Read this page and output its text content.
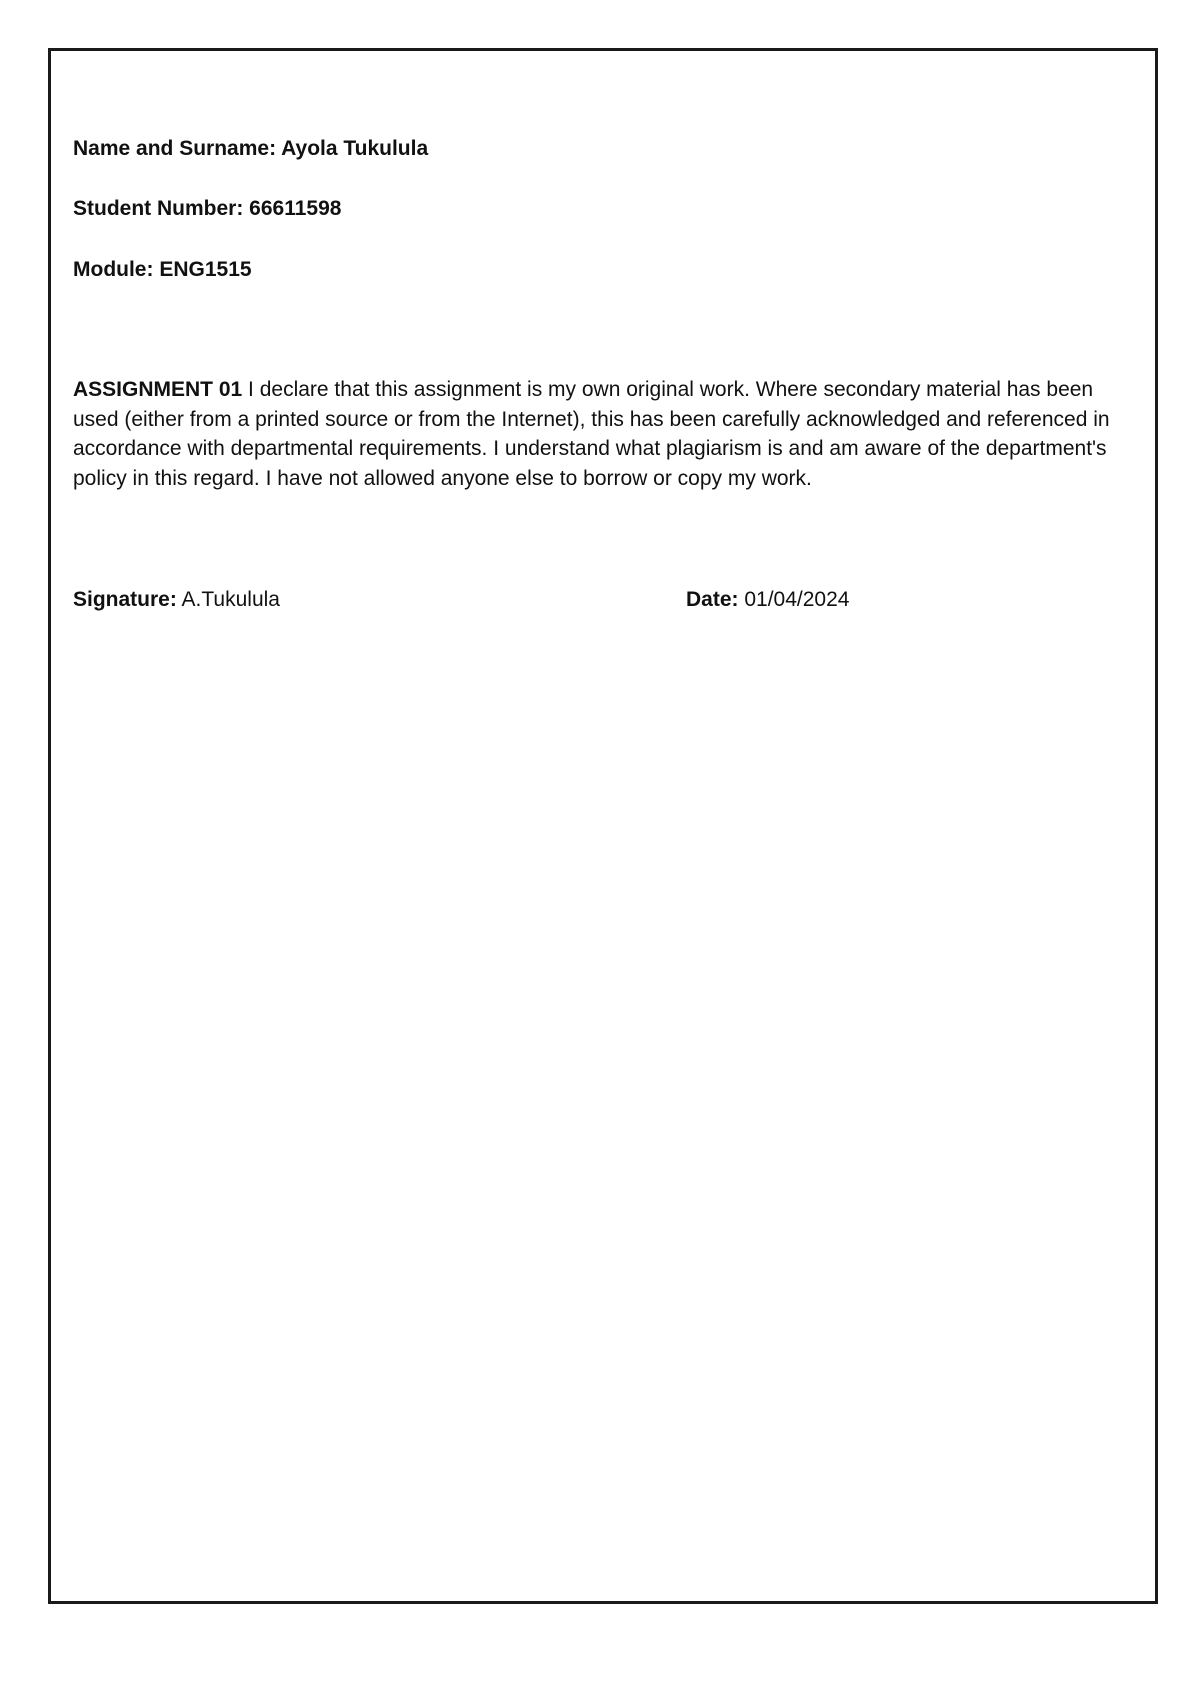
Name and Surname: Ayola Tukulula
Student Number: 66611598
Module: ENG1515
ASSIGNMENT 01 I declare that this assignment is my own original work. Where secondary material has been used (either from a printed source or from the Internet), this has been carefully acknowledged and referenced in accordance with departmental requirements. I understand what plagiarism is and am aware of the department's policy in this regard. I have not allowed anyone else to borrow or copy my work.
Signature: A.Tukulula	Date: 01/04/2024
